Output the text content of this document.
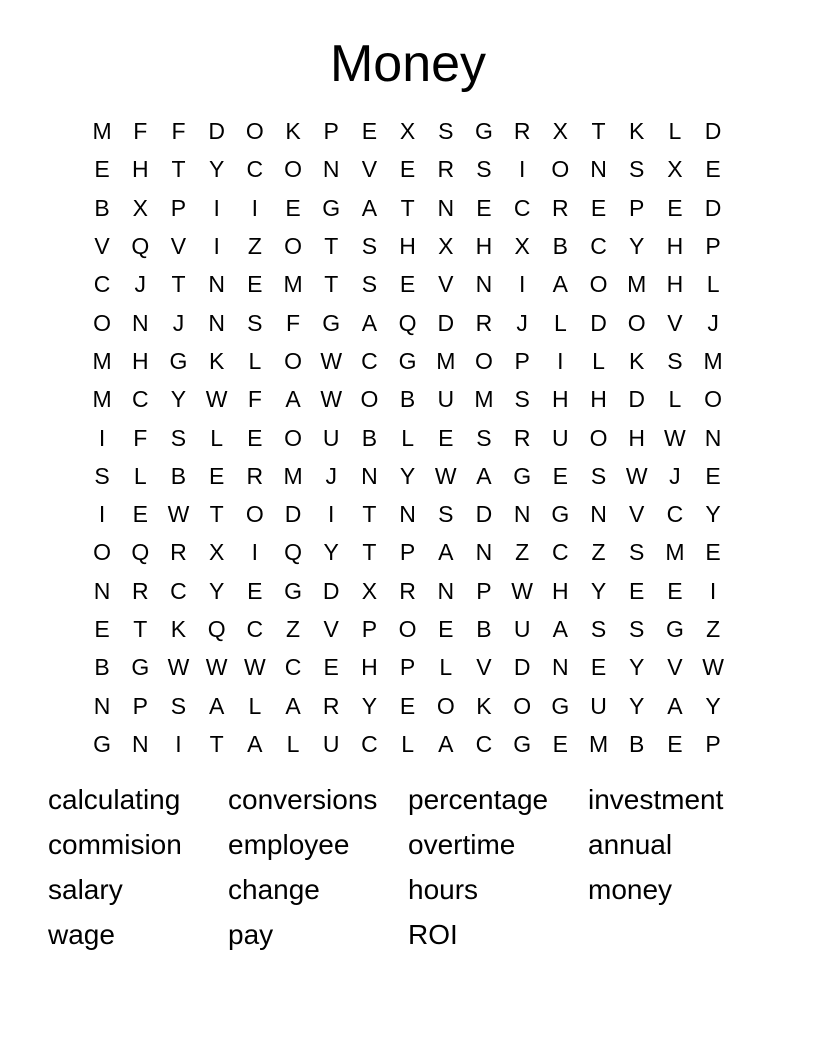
Money
M F	F D O K P E X S G R X	T	K	L	D
E H T	Y C O N V E R S	I	O N S X E
B X P	I	I	E G A	T N E C R E P E D
V Q V	I	Z O T	S H X H X B C Y H P
C	J	T N E M T	S E V N	I	A O M H	L
O N	J	N S	F G A Q D R	J	L	D O V	J
M H G K	L O W C G M O P	I	L	K S M
M C Y W F	A W O B U M S H H D	L O
I	F	S	L	E O U B	L	E S R U O H W N
S	L	B E R M J	N Y W A G E S W J	E
I	E W T O D	I	T N S D N G N V C Y
O Q R X	I	Q Y	T	P A N Z C Z	S M E
N R C Y E G D X R N P W H Y E E	I
E	T	K Q C Z	V P O E B U A S S G Z
B G W W W C E H P	L	V D N E Y V W
N P S A	L	A R Y E O K O G U Y A Y
G N	I	T	A	L	U C	L	A C G E M B E P
calculating	conversions	percentage	investment
commision	employee	overtime	annual
salary	change	hours	money
wage	pay	ROI
